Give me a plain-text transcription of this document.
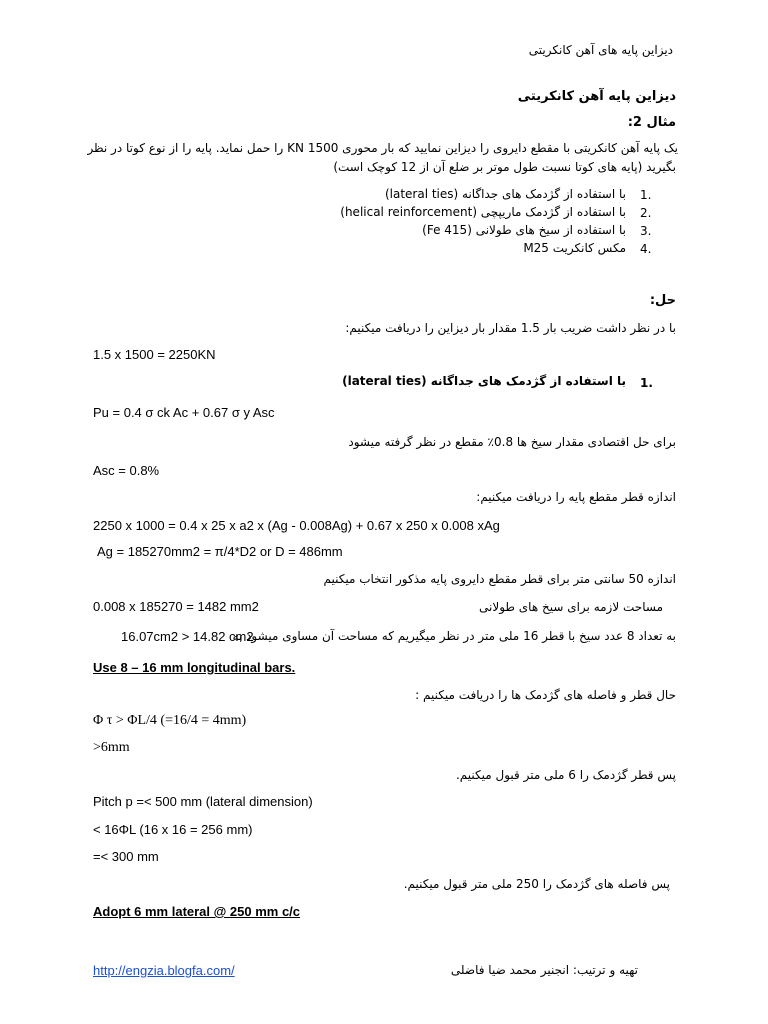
دیزاین پایه های آهن کانکریتی
دیزاین پایه آهن کانکریتی
مثال 2:
یک پایه آهن کانکریتی با مقطع دایروی را دیزاین نمایید که بار محوری 1500 KN را حمل نماید. پایه را از نوع کوتا در نظر
بگیرید (پایه های کوتا نسبت طول موتر بر ضلع آن از 12 کوچک است)
1.
با استفاده از گژدمک های جداگانه (lateral ties)
2.
با استفاده از گژدمک ماریپچی (helical reinforcement)
3.
با استفاده از سیخ های طولانی (Fe 415)
4.
مکس کانکریت M25
حل:
با در نظر داشت ضریب بار 1.5 مقدار بار دیزاین را دریافت میکنیم:
1.5 x 1500 = 2250KN
1.
با استفاده از گژدمک های جداگانه (lateral ties)
Pu = 0.4 σ ck Ac + 0.67 σ y Asc
برای حل اقتصادی مقدار سیخ ها 0.8٪ مقطع در نظر گرفته میشود
Asc = 0.8%
اندازه قطر مقطع پایه را دریافت میکنیم:
2250 x 1000 = 0.4 x 25 x a2 x (Ag - 0.008Ag) + 0.67 x 250 x 0.008 xAg
Ag = 185270mm2 = π/4*D2 or D = 486mm
اندازه 50 سانتی متر برای قطر مقطع دایروی پایه مذکور انتخاب میکنیم
0.008 x 185270 = 1482 mm2	مساحت لازمه برای سیخ های طولانی
به تعداد 8 عدد سیخ با قطر 16 ملی متر در نظر میگیریم که مساحت آن مساوی میشود به
16.07cm2 > 14.82 cm2
Use 8 – 16 mm longitudinal bars.
حال قطر و فاصله های گژدمک ها را دریافت میکنیم :
Φ τ > ΦL/4 (=16/4 = 4mm)
>6mm
پس قطر گژدمک را 6 ملی متر قبول میکنیم.
Pitch p =< 500 mm (lateral dimension)
< 16ΦL (16 x 16 = 256 mm)
=< 300 mm
پس فاصله های گژدمک را 250 ملی متر قبول میکنیم.
Adopt 6 mm lateral @ 250 mm c/c
http://engzia.blogfa.com/	تهیه و ترتیب: انجنیر محمد ضیا فاضلی
